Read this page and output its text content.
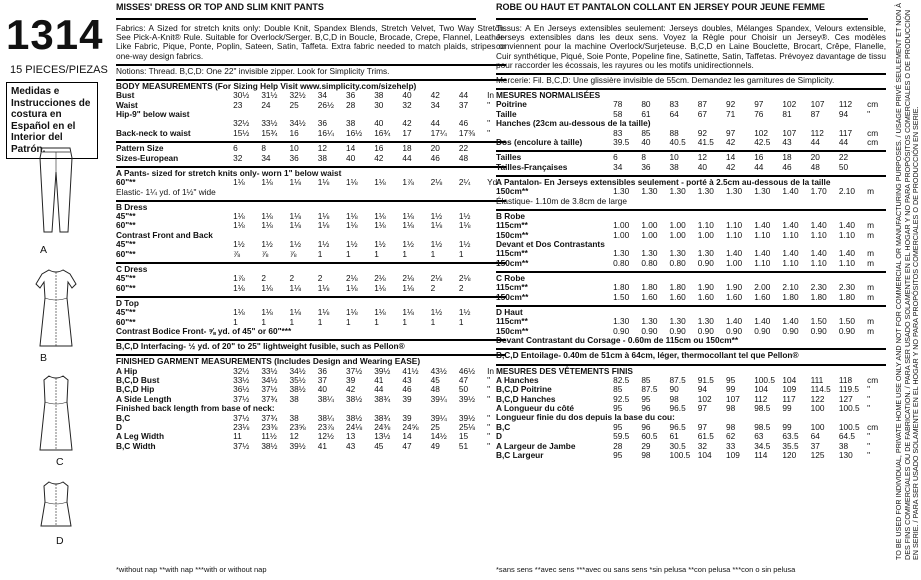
1314
15 PIECES/PIEZAS
Medidas e Instrucciones de costura en Español en el Interior del Patrón.
A
B
C
D
MISSES' DRESS OR TOP AND SLIM KNIT PANTS	ROBE OU HAUT ET PANTALON COLLANT EN JERSEY POUR JEUNE FEMME

Fabrics: A Sized for stretch knits only: Double Knit, Spandex Blends, Stretch Velvet, Two Way Stretch. See Pick-A-Knit® Rule. Suitable for Overlock/Serger. B,C,D in Boucle, Brocade, Crepe, Flannel, Leather-Like Fabric, Pique, Ponte, Poplin, Sateen, Satin, Taffeta. Extra fabric needed to match plaids, stripes or one-way design fabrics.

Notions: Thread. B,C,D: One 22" invisible zipper. Look for Simplicity Trims.

BODY MEASUREMENTS (For Sizing Help Visit www.simplicity.com/sizehelp)
Bust	30½	31½	32½	34	36	38	40	42	44	In
Waist	23	24	25	26½	28	30	32	34	37	"
Hip-9" below waist										
	32½	33½	34½	36	38	40	42	44	46	"
Back-neck to waist	15½	15¾	16	16¼	16½	16¾	17	17¼	17⅜	"
Pattern Size	6	8	10	12	14	16	18	20	22	
Sizes-European	32	34	36	38	40	42	44	46	48	
A Pants- sized for stretch knits only- worn 1" below waist
60"**	1⅛	1⅛	1⅛	1⅛	1⅛	1⅛	1⅞	2⅛	2¼	Yd
Elastic- 1¼ yd. of 1½" wide
B Dress
45"**	1⅛	1⅛	1⅛	1⅛	1⅛	1⅛	1⅛	1½	1½	
60"**	1⅛	1⅛	1⅛	1⅛	1⅛	1⅛	1⅛	1⅛	1⅛	
Contrast Front and Back
45"**	1½	1½	1½	1½	1½	1½	1½	1½	1½	
60"**	⅞	⅞	⅞	1	1	1	1	1	1	
C Dress
45"**	1⅞	2	2	2	2⅛	2⅛	2⅛	2⅛	2⅛	
60"**	1⅛	1⅛	1⅛	1⅛	1⅛	1⅛	1⅛	2	2	
D Top
45"**	1⅛	1⅛	1⅛	1⅛	1⅛	1⅛	1⅛	1½	1½	
60"**	1	1	1	1	1	1	1	1	1	
Contrast Bodice Front- ⅝ yd. of 45" or 60"***
B,C,D Interfacing- ½ yd. of 20" to 25" lightweight fusible, such as Pellon®
FINISHED GARMENT MEASUREMENTS (Includes Design and Wearing EASE)
A Hip	32½	33½	34½	36	37½	39½	41½	43½	46½	In
B,C,D Bust	33½	34½	35½	37	39	41	43	45	47	"
B,C,D Hip	36½	37½	38½	40	42	44	46	48	50	"
A Side Length	37½	37¾	38	38¼	38½	38¾	39	39¼	39½	"
Finished back length from base of neck:										
B,C	37½	37¾	38	38¼	38½	38¾	39	39¼	39½	"
D	23⅛	23⅜	23⅝	23⅞	24⅛	24⅜	24⅝	25	25⅛	"
A Leg Width	11	11½	12	12½	13	13½	14	14½	15	"
B,C Width	37½	38½	39½	41	43	45	47	49	51	"
*without nap **with nap ***with or without nap

Tissus: A En Jerseys extensibles seulement: Jerseys doubles, Mélanges Spandex, Velours extensible, Jerseys extensibles dans les deux sens. Voyez la Règle pour Choisir un Jersey®. Ces modèles conviennent pour la machine Overlock/Surjeteuse. B,C,D en Laine Bouclette, Brocart, Crêpe, Flanelle, Cuir synthétique, Piqué, Soie Ponte, Popeline fine, Satinette, Satin, Taffetas. Prévoyez davantage de tissu pour raccorder les écossais, les rayures ou les motifs unidirectionnels.

Mercerie: Fil. B,C,D: Une glissière invisible de 55cm. Demandez les garnitures de Simplicity.

MESURES NORMALISÉES
Poitrine	78	80	83	87	92	97	102	107	112	cm
Taille	58	61	64	67	71	76	81	87	94	"
Hanches (23cm au-dessous de la taille)										
	83	85	88	92	97	102	107	112	117	cm
Dos (encolure à taille)	39.5	40	40.5	41.5	42	42.5	43	44	44	cm
Tailles	6	8	10	12	14	16	18	20	22	
Tailles-Françaises	34	36	38	40	42	44	46	48	50	
A Pantalon- En Jerseys extensibles seulement - porté à 2.5cm au-dessous de la taille
150cm**	1.30	1.30	1.30	1.30	1.30	1.30	1.40	1.70	2.10	m
Élastique- 1.10m de 3.8cm de large
B Robe
115cm**	1.00	1.00	1.00	1.10	1.10	1.40	1.40	1.40	1.40	m
150cm**	1.00	1.00	1.00	1.00	1.10	1.10	1.10	1.10	1.10	m
Devant et Dos Contrastants
115cm**	1.30	1.30	1.30	1.30	1.40	1.40	1.40	1.40	1.40	m
150cm**	0.80	0.80	0.80	0.90	1.00	1.10	1.10	1.10	1.10	m
C Robe
115cm**	1.80	1.80	1.80	1.90	1.90	2.00	2.10	2.30	2.30	m
150cm**	1.50	1.60	1.60	1.60	1.60	1.60	1.80	1.80	1.80	m
D Haut
115cm**	1.30	1.30	1.30	1.30	1.40	1.40	1.40	1.50	1.50	m
150cm**	0.90	0.90	0.90	0.90	0.90	0.90	0.90	0.90	0.90	m
Devant Contrastant du Corsage - 0.60m de 115cm ou 150cm**
B,C,D Entoilage- 0.40m de 51cm à 64cm, léger, thermocollant tel que Pellon®
MESURES DES VÊTEMENTS FINIS
A Hanches	82.5	85	87.5	91.5	95	100.5	104	111	118	cm
B,C,D Poitrine	85	87.5	90	94	99	104	109	114.5	119.5	"
B,C,D Hanches	92.5	95	98	102	107	112	117	122	127	"
A Longueur du côté	95	96	96.5	97	98	98.5	99	100	100.5	"
Longueur finie du dos depuis la base du cou:										
B,C	95	96	96.5	97	98	98.5	99	100	100.5	cm
D	59.5	60.5	61	61.5	62	63	63.5	64	64.5	"
A Largeur de Jambe	28	29	30.5	32	33	34.5	35.5	37	38	"
B,C Largeur	95	98	100.5	104	109	114	120	125	130	"
*sans sens **avec sens ***avec ou sans sens *sin pelusa **con pelusa ***con o sin pelusa
TO BE USED FOR INDIVIDUAL, PRIVATE HOME USE ONLY AND NOT FOR COMMERCIAL OR MANUFACTURING PURPOSES. / USAGE PRIVÉ SEULEMENT ET NON À DES FINS COMMERCIALES OU DE FABRICATION. / PARA SER USADO SOLAMENTE EN EL HOGAR Y NO PARA PROPÓSITOS COMERCIALES O DE PRODUCCIÓN EN SERIE. / PARA SER USADO SOLAMENTE EN EL HOGAR Y NO PARA PROPÓSITOS COMERCIALES O DE PRODUCCIÓN EN SERIE.
